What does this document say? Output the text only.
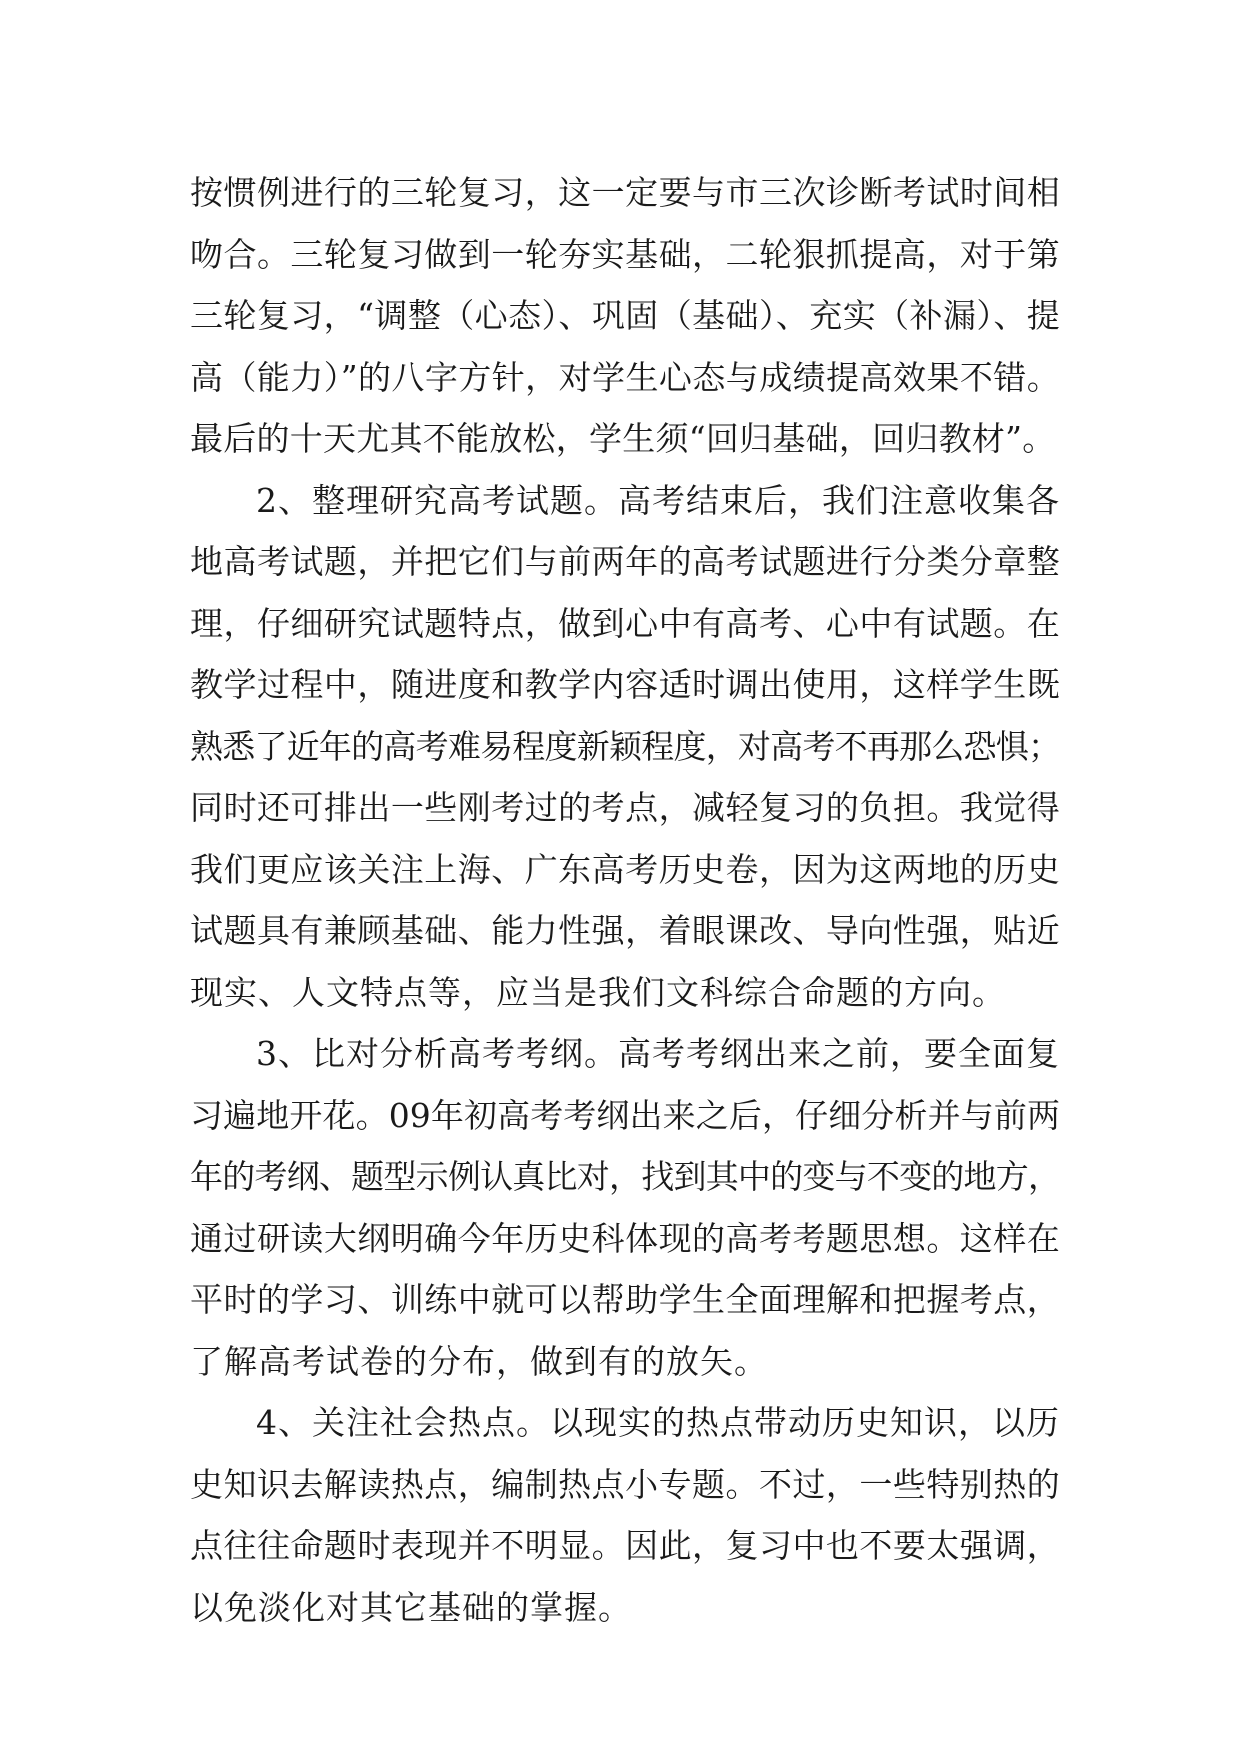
按惯例进行的三轮复习，这一定要与市三次诊断考试时间相
吻合。三轮复习做到一轮夯实基础，二轮狠抓提高，对于第
三轮复习，“调整（心态）、巩固（基础）、充实（补漏）、提
高（能力）”的八字方针，对学生心态与成绩提高效果不错。
最后的十天尤其不能放松，学生须“回归基础，回归教材”。
2、整理研究高考试题。高考结束后，我们注意收集各
地高考试题，并把它们与前两年的高考试题进行分类分章整
理，仔细研究试题特点，做到心中有高考、心中有试题。在
教学过程中，随进度和教学内容适时调出使用，这样学生既
熟悉了近年的高考难易程度新颖程度，对高考不再那么恐惧；
同时还可排出一些刚考过的考点，减轻复习的负担。我觉得
我们更应该关注上海、广东高考历史卷，因为这两地的历史
试题具有兼顾基础、能力性强，着眼课改、导向性强，贴近
现实、人文特点等，应当是我们文科综合命题的方向。
3、比对分析高考考纲。高考考纲出来之前，要全面复
习遍地开花。09年初高考考纲出来之后，仔细分析并与前两
年的考纲、题型示例认真比对，找到其中的变与不变的地方，
通过研读大纲明确今年历史科体现的高考考题思想。这样在
平时的学习、训练中就可以帮助学生全面理解和把握考点，
了解高考试卷的分布，做到有的放矢。
4、关注社会热点。以现实的热点带动历史知识，以历
史知识去解读热点，编制热点小专题。不过，一些特别热的
点往往命题时表现并不明显。因此，复习中也不要太强调，
以免淡化对其它基础的掌握。
